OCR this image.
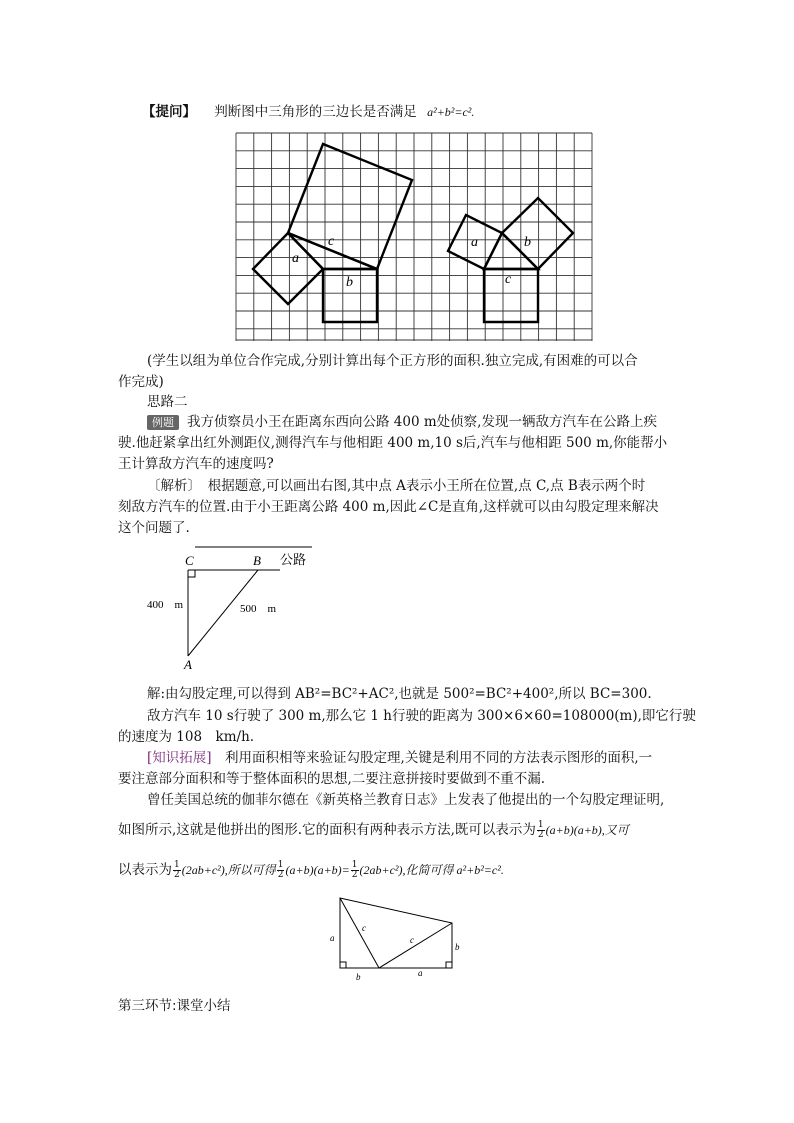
【提问】 判断图中三角形的三边长是否满足 a²+b²=c².
a
c
b
a	b
c
(学生以组为单位合作完成,分别计算出每个正方形的面积.独立完成,有困难的可以合
作完成)
思路二
例题 我方侦察员小王在距离东西向公路 400 m处侦察,发现一辆敌方汽车在公路上疾
驶.他赶紧拿出红外测距仪,测得汽车与他相距 400 m,10 s后,汽车与他相距 500 m,你能帮小
王计算敌方汽车的速度吗?
〔解析〕　根据题意,可以画出右图,其中点 A表示小王所在位置,点 C,点 B表示两个时
刻敌方汽车的位置.由于小王距离公路 400 m,因此∠C是直角,这样就可以由勾股定理来解决
这个问题了.
C	B
A
公路
400　m	500　m
解:由勾股定理,可以得到 AB²=BC²+AC²,也就是 500²=BC²+400²,所以 BC=300.
敌方汽车 10 s行驶了 300 m,那么它 1 h行驶的距离为 300×6×60=108000(m),即它行驶
的速度为 108　km/h.
[知识拓展]　利用面积相等来验证勾股定理,关键是利用不同的方法表示图形的面积,一
要注意部分面积和等于整体面积的思想,二要注意拼接时要做到不重不漏.
曾任美国总统的伽菲尔德在《新英格兰教育日志》上发表了他提出的一个勾股定理证明,
如图所示,这就是他拼出的图形.它的面积有两种表示方法,既可以表示为 $\frac{1}{2} (a+b)(a+b)$,又可
以表示为 $\frac{1}{2} (2ab+c^2)$,所以可得 $\frac{1}{2} (a+b)(a+b)= \frac{1}{2} (2ab+c^2)$,化简可得 a²+b²=c².
a
c
c
b
b	a
第三环节:课堂小结
